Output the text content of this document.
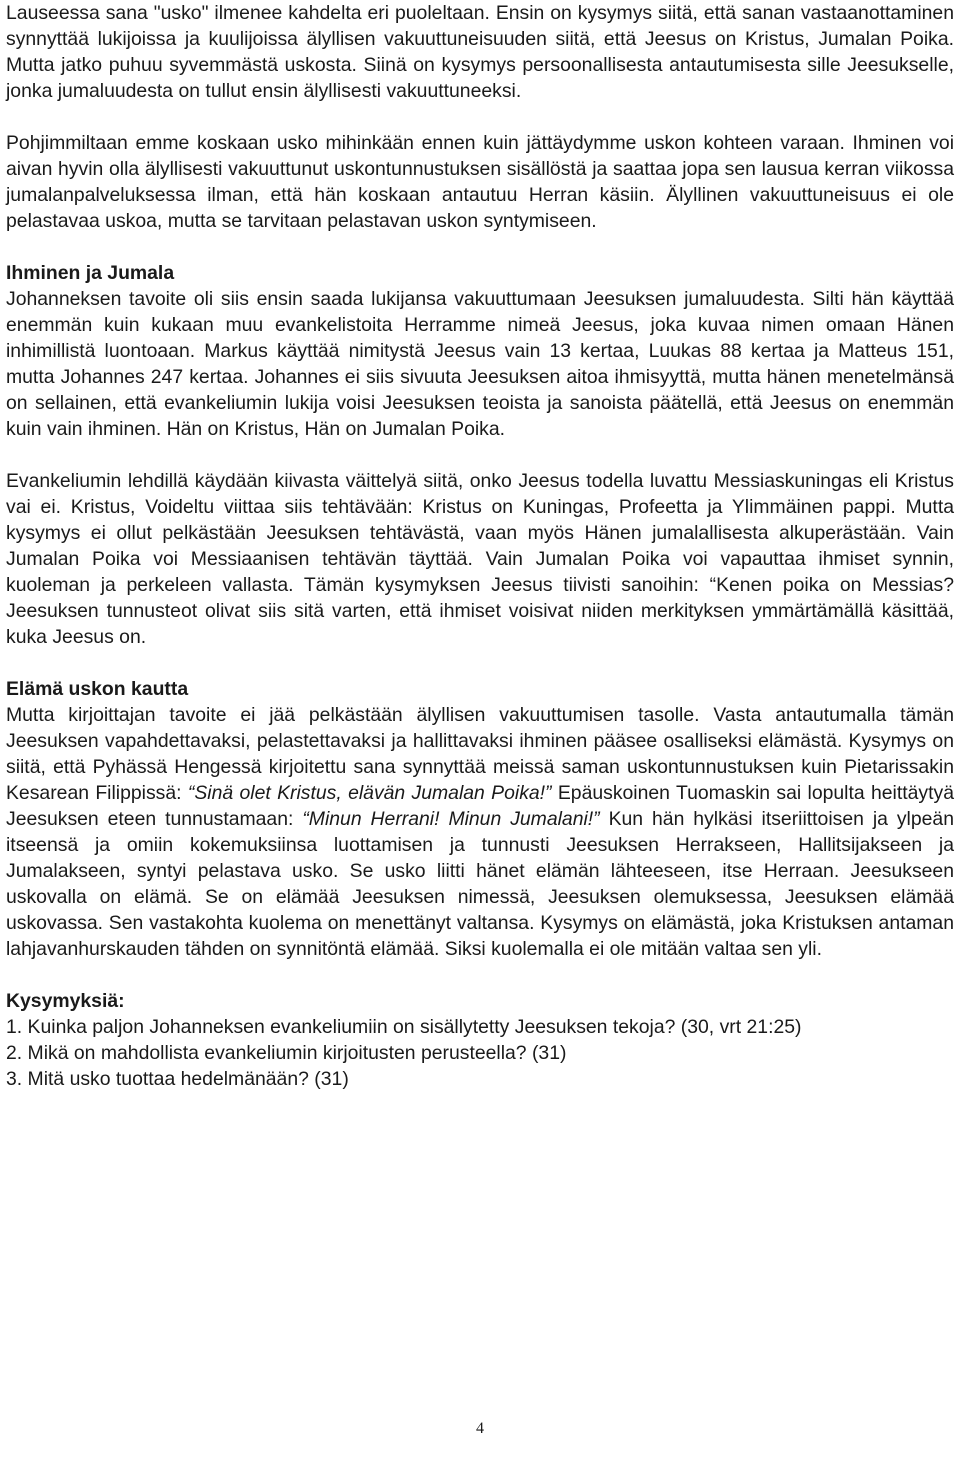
Lauseessa sana "usko" ilmenee kahdelta eri puoleltaan. Ensin on kysymys siitä, että sanan vastaanottaminen synnyttää lukijoissa ja kuulijoissa älyllisen vakuuttuneisuuden siitä, että Jeesus on Kristus, Jumalan Poika. Mutta jatko puhuu syvemmästä uskosta. Siinä on kysymys persoonallisesta antautumisesta sille Jeesukselle, jonka jumaluudesta on tullut ensin älyllisesti vakuuttuneeksi.

Pohjimmiltaan emme koskaan usko mihinkään ennen kuin jättäydymme uskon kohteen varaan. Ihminen voi aivan hyvin olla älyllisesti vakuuttunut uskontunnustuksen sisällöstä ja saattaa jopa sen lausua kerran viikossa jumalanpalveluksessa ilman, että hän koskaan antautuu Herran käsiin. Älyllinen vakuuttuneisuus ei ole pelastavaa uskoa, mutta se tarvitaan pelastavan uskon syntymiseen.

Ihminen ja Jumala

Johanneksen tavoite oli siis ensin saada lukijansa vakuuttumaan Jeesuksen jumaluudesta. Silti hän käyttää enemmän kuin kukaan muu evankelistoita Herramme nimeä Jeesus, joka kuvaa nimen omaan Hänen inhimillistä luontoaan. Markus käyttää nimitystä Jeesus vain 13 kertaa, Luukas 88 kertaa ja Matteus 151, mutta Johannes 247 kertaa. Johannes ei siis sivuuta Jeesuksen aitoa ihmisyyttä, mutta hänen menetelmänsä on sellainen, että evankeliumin lukija voisi Jeesuksen teoista ja sanoista päätellä, että Jeesus on enemmän kuin vain ihminen. Hän on Kristus, Hän on Jumalan Poika.

Evankeliumin lehdillä käydään kiivasta väittelyä siitä, onko Jeesus todella luvattu Messiaskuningas eli Kristus vai ei. Kristus, Voideltu viittaa siis tehtävään: Kristus on Kuningas, Profeetta ja Ylimmäinen pappi. Mutta kysymys ei ollut pelkästään Jeesuksen tehtävästä, vaan myös Hänen jumalallisesta alkuperästään. Vain Jumalan Poika voi Messiaanisen tehtävän täyttää. Vain Jumalan Poika voi vapauttaa ihmiset synnin, kuoleman ja perkeleen vallasta. Tämän kysymyksen Jeesus tiivisti sanoihin: “Kenen poika on Messias? Jeesuksen tunnusteot olivat siis sitä varten, että ihmiset voisivat niiden merkityksen ymmärtämällä käsittää, kuka Jeesus on.

Elämä uskon kautta

Mutta kirjoittajan tavoite ei jää pelkästään älyllisen vakuuttumisen tasolle. Vasta antautumalla tämän Jeesuksen vapahdettavaksi, pelastettavaksi ja hallittavaksi ihminen pääsee osalliseksi elämästä. Kysymys on siitä, että Pyhässä Hengessä kirjoitettu sana synnyttää meissä saman uskontunnustuksen kuin Pietarissakin Kesarean Filippissä: “Sinä olet Kristus, elävän Jumalan Poika!” Epäuskoinen Tuomaskin sai lopulta heittäytyä Jeesuksen eteen tunnustamaan: “Minun Herrani! Minun Jumalani!” Kun hän hylkäsi itseriittoisen ja ylpeän itseensä ja omiin kokemuksiinsa luottamisen ja tunnusti Jeesuksen Herrakseen, Hallitsijakseen ja Jumalakseen, syntyi pelastava usko. Se usko liitti hänet elämän lähteeseen, itse Herraan. Jeesukseen uskovalla on elämä. Se on elämää Jeesuksen nimessä, Jeesuksen olemuksessa, Jeesuksen elämää uskovassa. Sen vastakohta kuolema on menettänyt valtansa. Kysymys on elämästä, joka Kristuksen antaman lahjavanhurskauden tähden on synnitöntä elämää. Siksi kuolemalla ei ole mitään valtaa sen yli.

Kysymyksiä:

1. Kuinka paljon Johanneksen evankeliumiin on sisällytetty Jeesuksen tekoja? (30, vrt 21:25)

2. Mikä on mahdollista evankeliumin kirjoitusten perusteella? (31)

3. Mitä usko tuottaa hedelmänään? (31)

4
